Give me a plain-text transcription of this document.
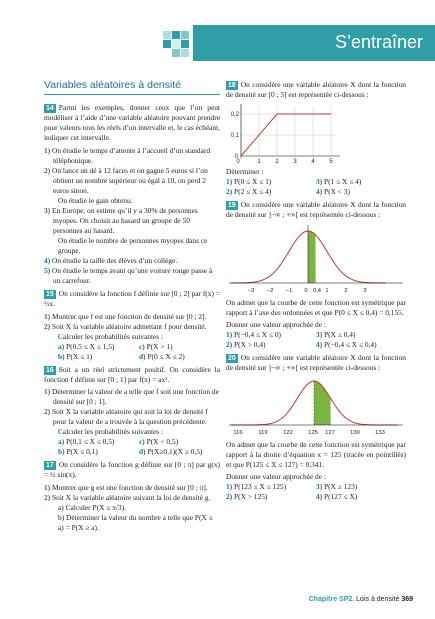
S’entraîner
Variables aléatoires à densité
14 Parmi les exemples, donner ceux que l’on peut modéliser à l’aide d’une variable aléatoire pouvant prendre pour valeurs tous les réels d’un intervalle et, le cas échéant, indiquer cet intervalle.
1) On étudie le temps d’attente à l’accueil d’un standard téléphonique.
2) On lance un dé à 12 faces et on gagne 5 euros si l’on obtient un nombre supérieur ou égal à 10, on perd 2 euros sinon.
On étudie le gain obtenu.
3) En Europe, on estime qu’il y a 30% de personnes myopes. On choisit au hasard un groupe de 50 personnes au hasard.
On étudie le nombre de personnes myopes dans ce groupe.
4) On étudie la taille des élèves d’un collège.
5) On étudie le temps avant qu’une voiture rouge passe à un carrefour.
15 On considère la fonction f définie sur [0 ; 2] par f(x) = ½x.
1) Montrer que f est une fonction de densité sur [0 ; 2].
2) Soit X la variable aléatoire admettant f pour densité.
Calculer les probabilités suivantes :
a) P(0,5 ≤ X ≤ 1,5)	c) P(X > 1)
b) P(X ≤ 1)	d) P(0 ≤ X ≤ 2)
16 Soit a un réel strictement positif. On considère la fonction f définie sur [0 ; 1] par f(x) = ax².
1) Déterminer la valeur de a telle que f soit une fonction de densité sur [0 ; 1].
2) Soit X la variable aléatoire qui suit la loi de densité f pour la valeur de a trouvée à la question précédente.
Calculer les probabilités suivantes :
a) P(0,1 ≤ X ≤ 0,5)	c) P(X < 0,5)
b) P(X ≤ 0,1)	d) P(X≥0,1)(X ≥ 0,5)
17 On considère la fonction g définie sur [0 ; π] par g(x) = ½ sin(x).
1) Montrer que g est une fonction de densité sur [0 ; π].
2) Soit X la variable aléatoire suivant la loi de densité g.
a) Calculer P(X ≤ π/3).
b) Déterminer la valeur du nombre a telle que P(X ≤ a) = P(X ≥ a).
18 On considère une variable aléatoire X dont la fonction de densité sur [0 ; 5] est représentée ci-dessous :
0	1 2 3 4 5
0
0,1
0,2
Déterminer :
1) P(0 ≤ X ≤ 1)	3) P(1 ≤ X ≤ 4)
2) P(2 ≤ X ≤ 4)	4) P(X < 3)
19 On considère une variable aléatoire X dont la fonction de densité sur ]−∞ ; +∞[ est représentée ci-dessous :
−3 −2 −1 0 0,4 1	2	3
On admet que la courbe de cette fonction est symétrique par rapport à l’axe des ordonnées et que P(0 ≤ X ≤ 0,4) = 0,155.
Donner une valeur approchée de :
1) P(−0,4 ≤ X ≤ 0)	3) P(X ≤ 0,4)
2) P(X > 0,4)	4) P(−0,4 ≤ X ≤ 0,4)
20 On considère une variable aléatoire X dont la fonction de densité sur ]−∞ ; +∞[ est représentée ci-dessous :
116	119	122	125 127	130	133
On admet que la courbe de cette fonction est symétrique par rapport à la droite d’équation x = 125 (tracée en pointillés) et que P(125 ≤ X ≤ 127) = 0,341.
Donner une valeur approchée de :
1) P(123 ≤ X ≤ 125)	3) P(X ≥ 123)
2) P(X > 125)	4) P(127 ≤ X)
Chapitre SP2. Lois à densité 369
